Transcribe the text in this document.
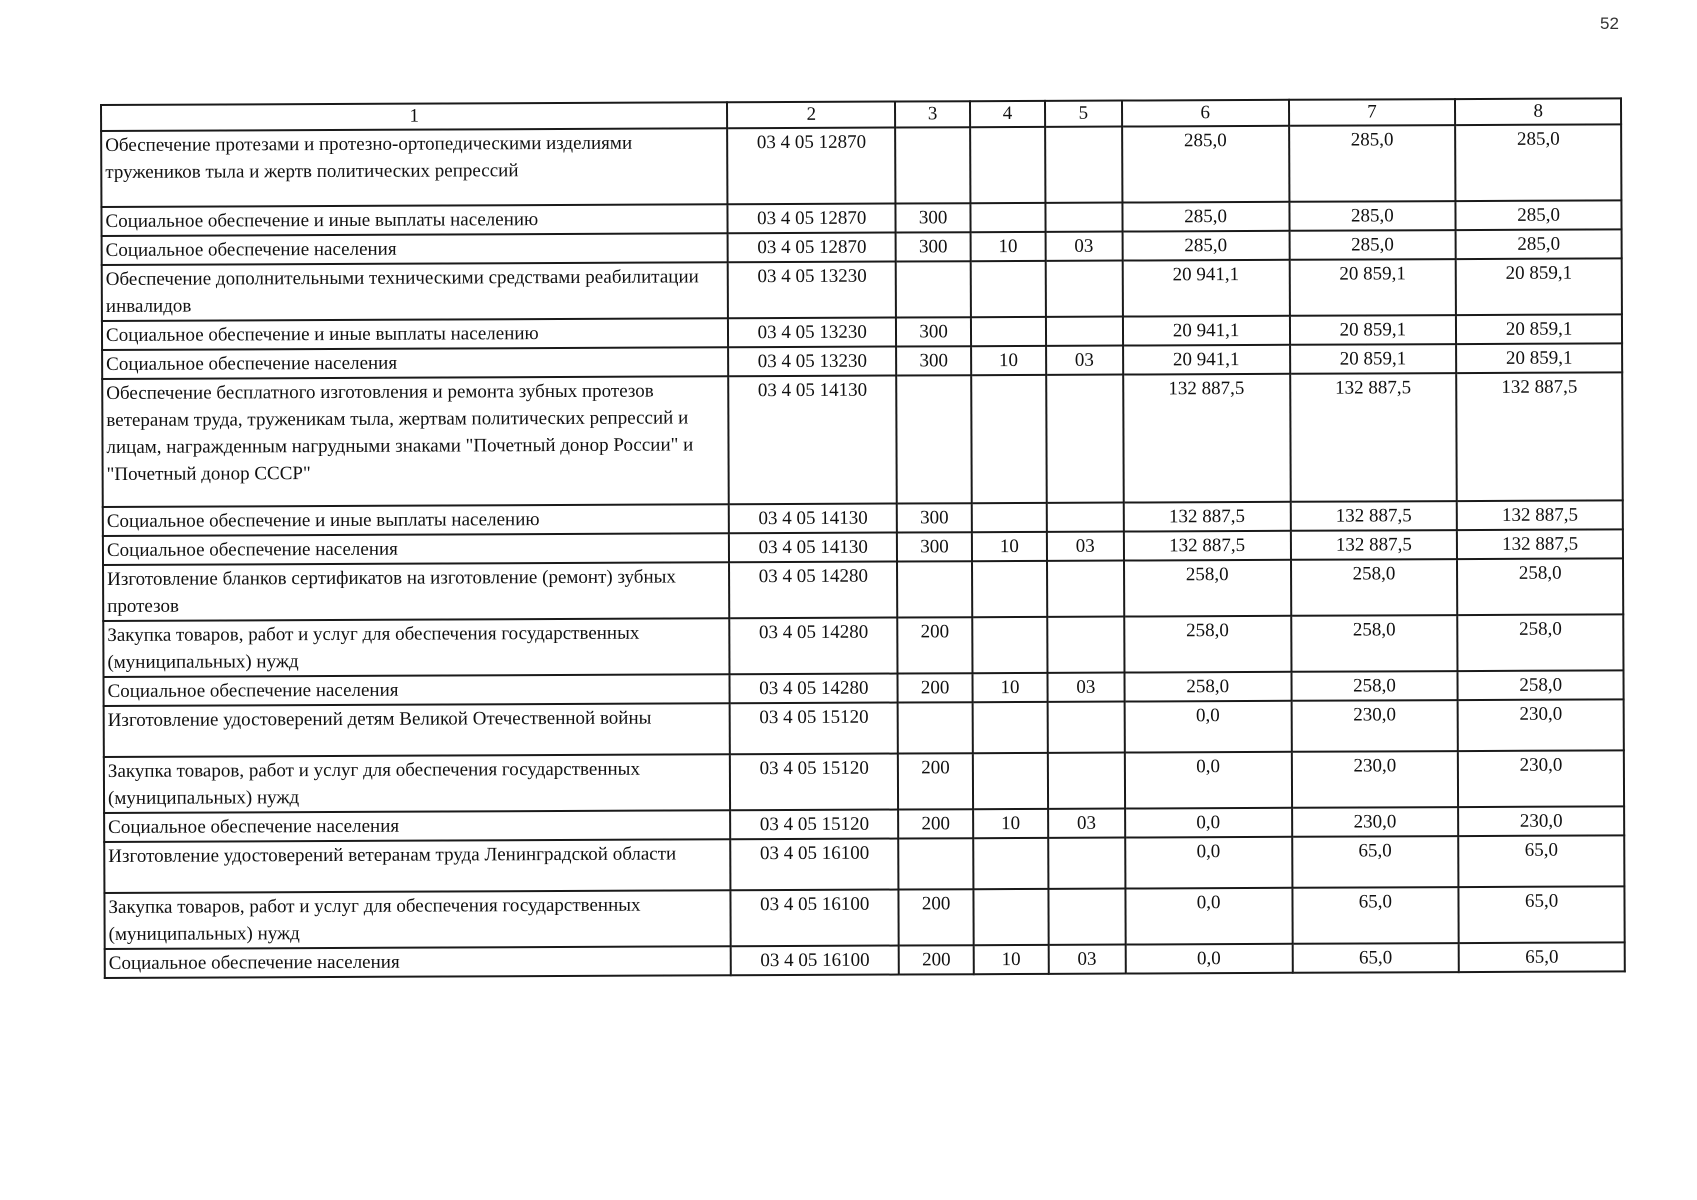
52
1	2	3	4	5	6	7	8
Обеспечение протезами и протезно-ортопедическими изделиями тружеников тыла и жертв политических репрессий	03 4 05 12870				285,0	285,0	285,0
Социальное обеспечение и иные выплаты населению	03 4 05 12870	300			285,0	285,0	285,0
Социальное обеспечение населения	03 4 05 12870	300	10	03	285,0	285,0	285,0
Обеспечение дополнительными техническими средствами реабилитации инвалидов	03 4 05 13230				20 941,1	20 859,1	20 859,1
Социальное обеспечение и иные выплаты населению	03 4 05 13230	300			20 941,1	20 859,1	20 859,1
Социальное обеспечение населения	03 4 05 13230	300	10	03	20 941,1	20 859,1	20 859,1
Обеспечение бесплатного изготовления и ремонта зубных протезов ветеранам труда, труженикам тыла, жертвам политических репрессий и лицам, награжденным нагрудными знаками "Почетный донор России" и "Почетный донор СССР"	03 4 05 14130				132 887,5	132 887,5	132 887,5
Социальное обеспечение и иные выплаты населению	03 4 05 14130	300			132 887,5	132 887,5	132 887,5
Социальное обеспечение населения	03 4 05 14130	300	10	03	132 887,5	132 887,5	132 887,5
Изготовление бланков сертификатов на изготовление (ремонт) зубных протезов	03 4 05 14280				258,0	258,0	258,0
Закупка товаров, работ и услуг для обеспечения государственных (муниципальных) нужд	03 4 05 14280	200			258,0	258,0	258,0
Социальное обеспечение населения	03 4 05 14280	200	10	03	258,0	258,0	258,0
Изготовление удостоверений детям Великой Отечественной войны	03 4 05 15120				0,0	230,0	230,0
Закупка товаров, работ и услуг для обеспечения государственных (муниципальных) нужд	03 4 05 15120	200			0,0	230,0	230,0
Социальное обеспечение населения	03 4 05 15120	200	10	03	0,0	230,0	230,0
Изготовление удостоверений ветеранам труда Ленинградской области	03 4 05 16100				0,0	65,0	65,0
Закупка товаров, работ и услуг для обеспечения государственных (муниципальных) нужд	03 4 05 16100	200			0,0	65,0	65,0
Социальное обеспечение населения	03 4 05 16100	200	10	03	0,0	65,0	65,0
